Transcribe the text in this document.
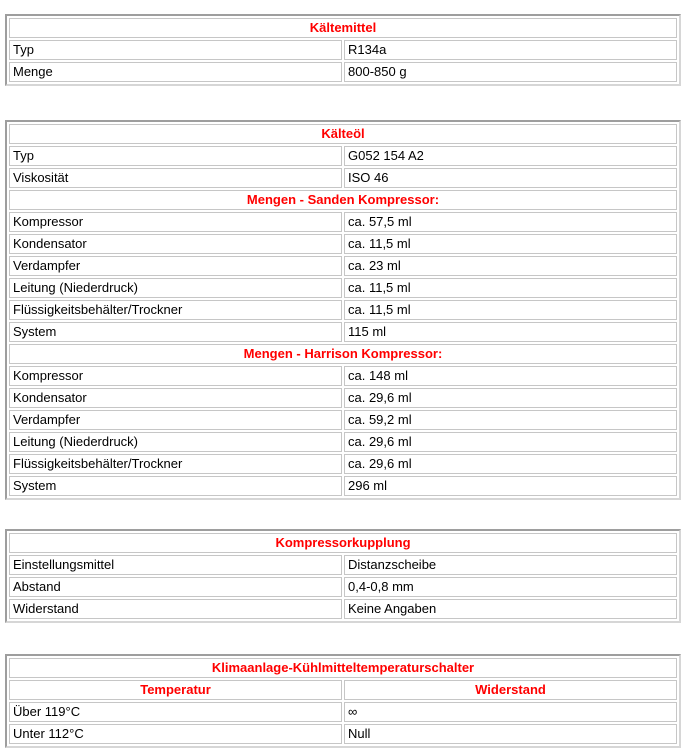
Kältemittel	
Typ	R134a
Menge	800-850 g
Kälteöl	
Typ	G052 154 A2
Viskosität	ISO 46
Mengen - Sanden Kompressor:	
Kompressor	ca. 57,5 ml
Kondensator	ca. 11,5 ml
Verdampfer	ca. 23 ml
Leitung (Niederdruck)	ca. 11,5 ml
Flüssigkeitsbehälter/Trockner	ca. 11,5 ml
System	115 ml
Mengen - Harrison Kompressor:	
Kompressor	ca. 148 ml
Kondensator	ca. 29,6 ml
Verdampfer	ca. 59,2 ml
Leitung (Niederdruck)	ca. 29,6 ml
Flüssigkeitsbehälter/Trockner	ca. 29,6 ml
System	296 ml
Kompressorkupplung	
Einstellungsmittel	Distanzscheibe
Abstand	0,4-0,8 mm
Widerstand	Keine Angaben
Klimaanlage-Kühlmitteltemperaturschalter	
Temperatur	Widerstand
Über 119°C	∞
Unter 112°C	Null
